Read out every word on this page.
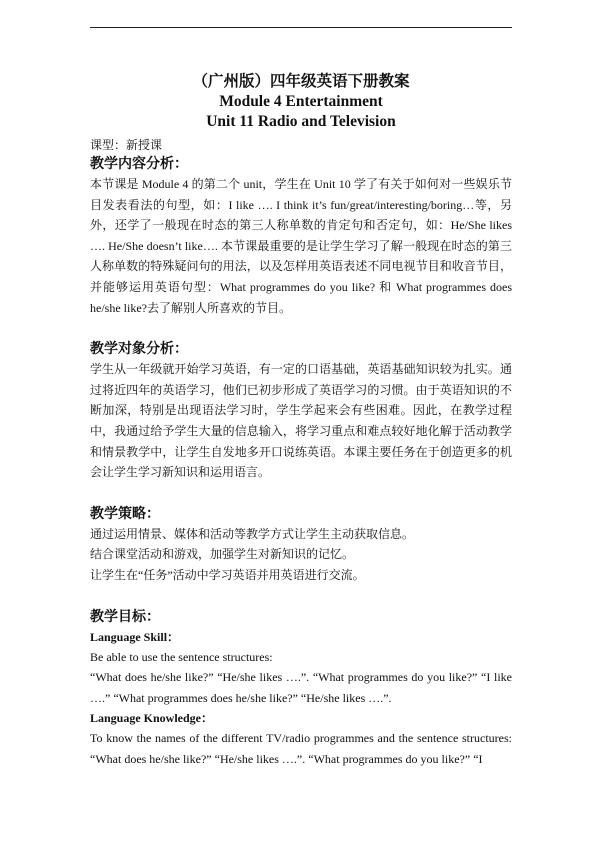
（广州版）四年级英语下册教案
Module 4 Entertainment
Unit 11 Radio and Television
课型：新授课
教学内容分析：

本节课是 Module 4 的第二个 unit，学生在 Unit 10 学了有关于如何对一些娱乐节目发表看法的句型，如：I like …. I think it’s fun/great/interesting/boring…等，另外，还学了一般现在时态的第三人称单数的肯定句和否定句，如：He/She likes …. He/She doesn’t like…. 本节课最重要的是让学生学习了解一般现在时态的第三人称单数的特殊疑问句的用法，以及怎样用英语表述不同电视节目和收音节目，并能够运用英语句型：What programmes do you like? 和 What programmes does he/she like?去了解别人所喜欢的节目。

教学对象分析：

学生从一年级就开始学习英语，有一定的口语基础，英语基础知识较为扎实。通过将近四年的英语学习，他们已初步形成了英语学习的习惯。由于英语知识的不断加深，特别是出现语法学习时，学生学起来会有些困难。因此，在教学过程中，我通过给予学生大量的信息输入，将学习重点和难点较好地化解于活动教学和情景教学中，让学生自发地多开口说练英语。本课主要任务在于创造更多的机会让学生学习新知识和运用语言。

教学策略：

通过运用情景、媒体和活动等教学方式让学生主动获取信息。

结合课堂活动和游戏，加强学生对新知识的记忆。

让学生在“任务”活动中学习英语并用英语进行交流。

教学目标：
Language Skill：

Be able to use the sentence structures:

“What does he/she like?” “He/she likes ….”. “What programmes do you like?” “I like ….” “What programmes does he/she like?” “He/she likes ….”.

Language Knowledge：

To know the names of the different TV/radio programmes and the sentence structures: “What does he/she like?” “He/she likes ….”. “What programmes do you like?” “I
